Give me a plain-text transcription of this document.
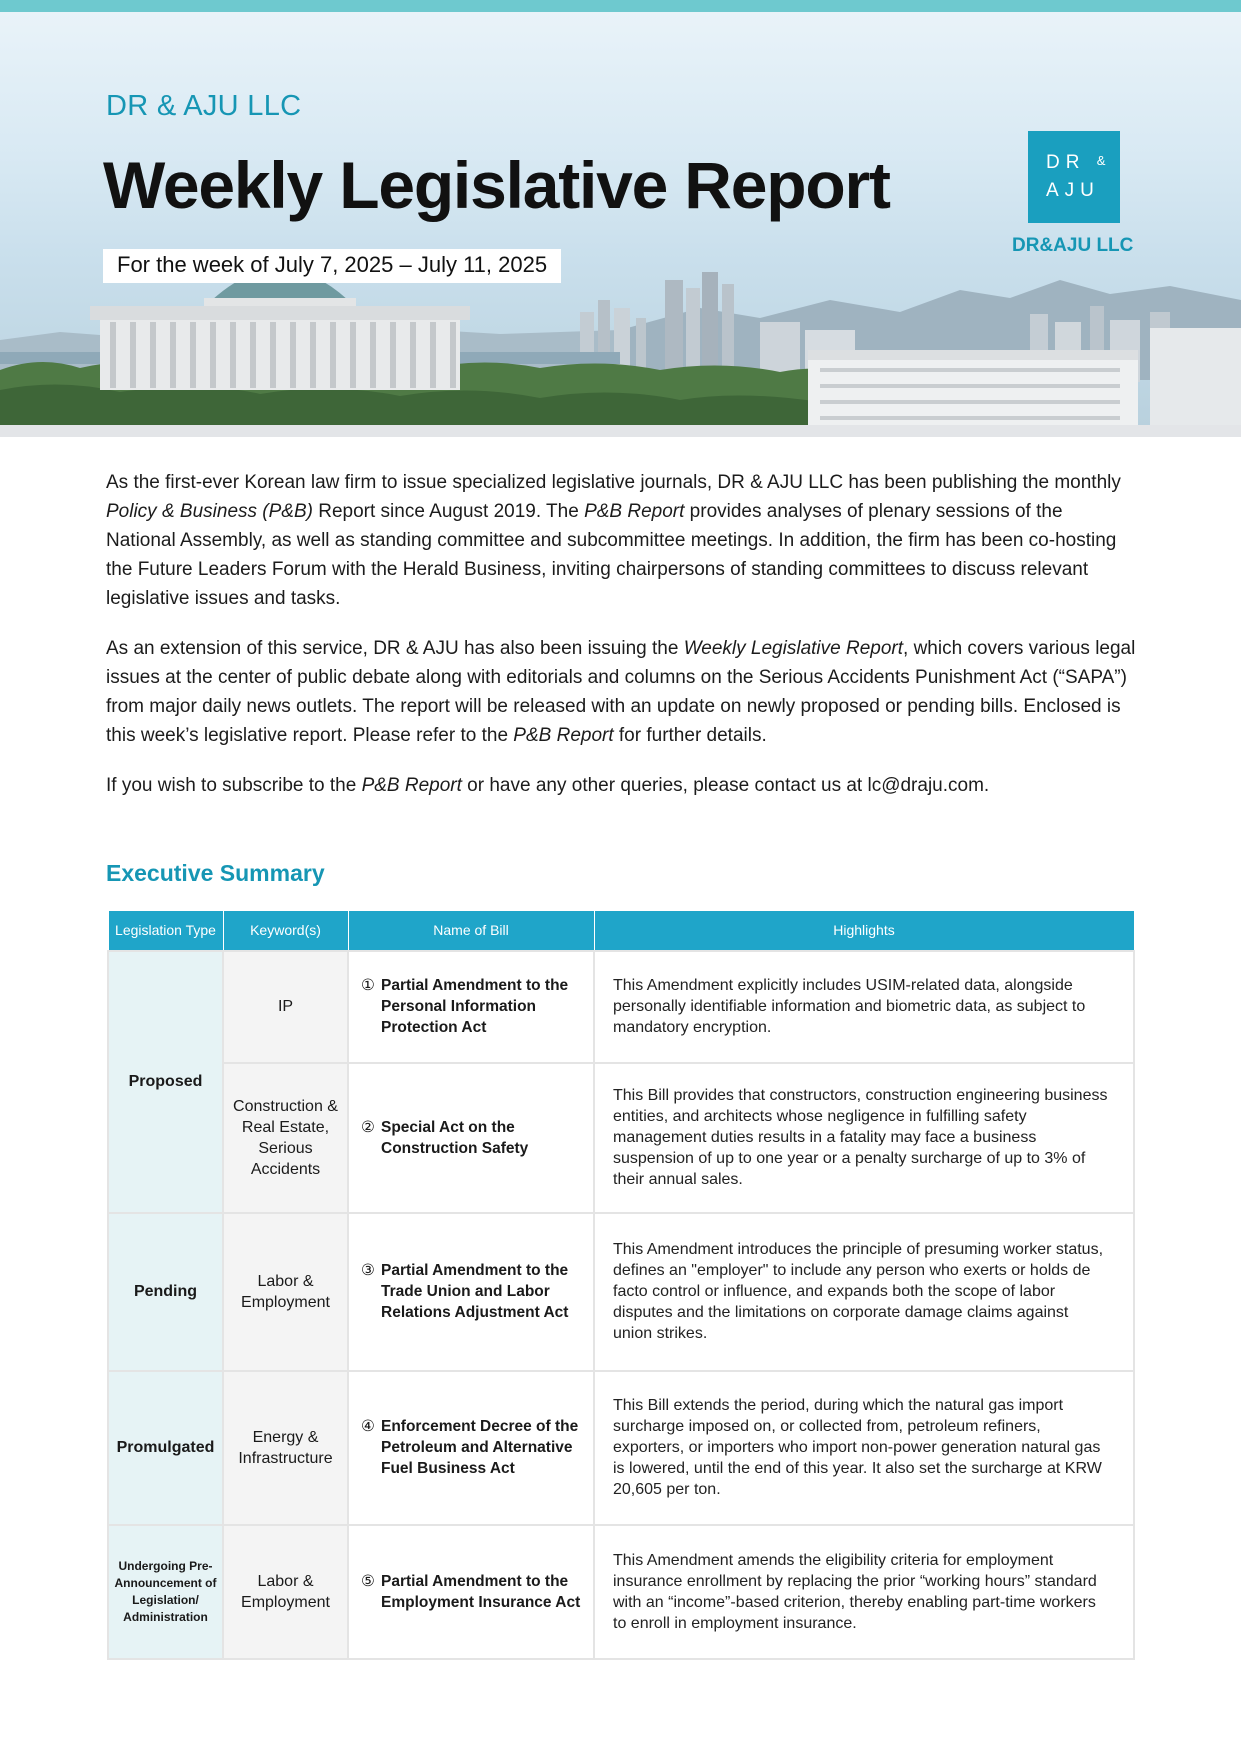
DR & AJU LLC
Weekly Legislative Report
For the week of July 7, 2025 – July 11, 2025
DR &
AJU
DR&AJU LLC

As the first-ever Korean law firm to issue specialized legislative journals, DR & AJU LLC has been publishing the monthly Policy & Business (P&B) Report since August 2019. The P&B Report provides analyses of plenary sessions of the National Assembly, as well as standing committee and subcommittee meetings. In addition, the firm has been co-hosting the Future Leaders Forum with the Herald Business, inviting chairpersons of standing committees to discuss relevant legislative issues and tasks.

As an extension of this service, DR & AJU has also been issuing the Weekly Legislative Report, which covers various legal issues at the center of public debate along with editorials and columns on the Serious Accidents Punishment Act (“SAPA”) from major daily news outlets. The report will be released with an update on newly proposed or pending bills. Enclosed is this week’s legislative report. Please refer to the P&B Report for further details.

If you wish to subscribe to the P&B Report or have any other queries, please contact us at lc@draju.com.

Executive Summary
Legislation Type	Keyword(s)	Name of Bill	Highlights
Proposed	IP	① Partial Amendment to the Personal Information Protection Act	This Amendment explicitly includes USIM-related data, alongside personally identifiable information and biometric data, as subject to mandatory encryption.
	Construction & Real Estate, Serious Accidents	② Special Act on the Construction Safety	This Bill provides that constructors, construction engineering business entities, and architects whose negligence in fulfilling safety management duties results in a fatality may face a business suspension of up to one year or a penalty surcharge of up to 3% of their annual sales.
Pending	Labor & Employment	③ Partial Amendment to the Trade Union and Labor Relations Adjustment Act	This Amendment introduces the principle of presuming worker status, defines an "employer" to include any person who exerts or holds de facto control or influence, and expands both the scope of labor disputes and the limitations on corporate damage claims against union strikes.
Promulgated	Energy & Infrastructure	④ Enforcement Decree of the Petroleum and Alternative Fuel Business Act	This Bill extends the period, during which the natural gas import surcharge imposed on, or collected from, petroleum refiners, exporters, or importers who import non-power generation natural gas is lowered, until the end of this year. It also set the surcharge at KRW 20,605 per ton.
Undergoing Pre-Announcement of Legislation/ Administration	Labor & Employment	⑤ Partial Amendment to the Employment Insurance Act	This Amendment amends the eligibility criteria for employment insurance enrollment by replacing the prior “working hours” standard with an “income”-based criterion, thereby enabling part-time workers to enroll in employment insurance.
